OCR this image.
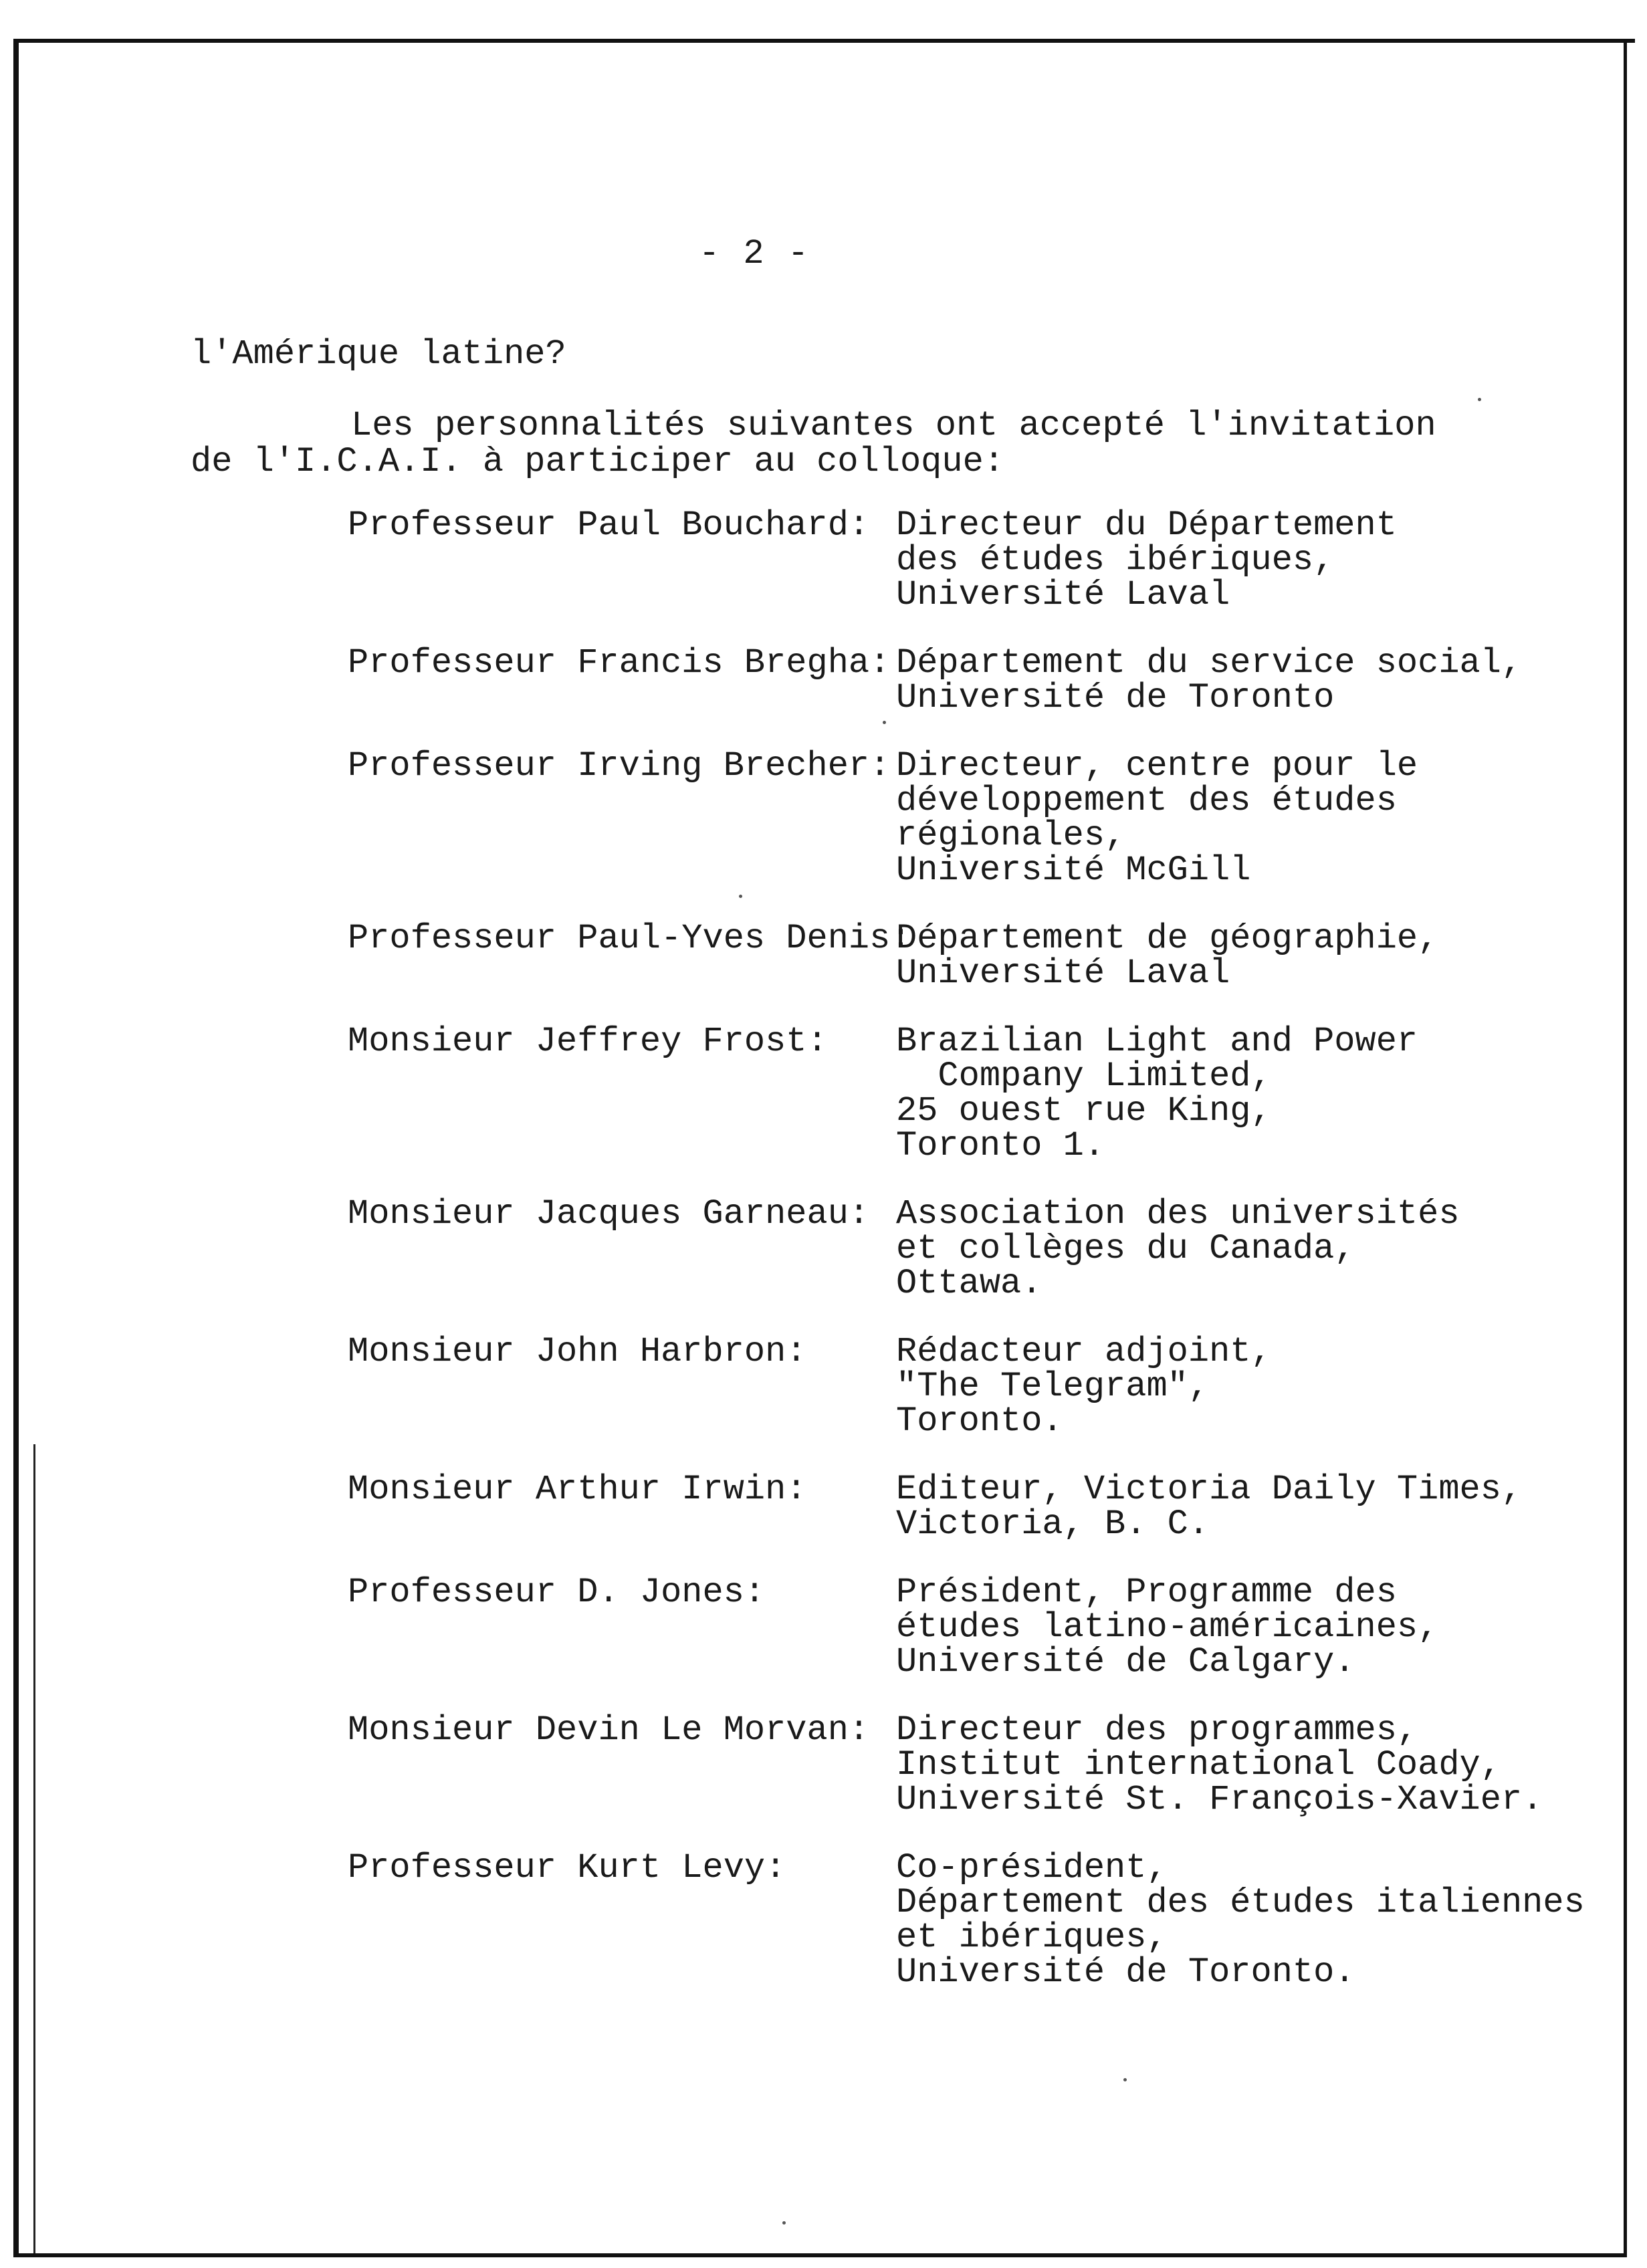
- 2 -
l'Amérique latine?
Les personnalités suivantes ont accepté l'invitation
de l'I.C.A.I. à participer au colloque:
Professeur Paul Bouchard: Directeur du Département
des études ibériques,
Université Laval
Professeur Francis Bregha: Département du service social,
Université de Toronto
Professeur Irving Brecher: Directeur, centre pour le
développement des études
régionales,
Université McGill
Professeur Paul-Yves Denis:
Département de géographie,
Université Laval
Monsieur Jeffrey Frost:	Brazilian Light and Power
Company Limited,
25 ouest rue King,
Toronto 1.
Monsieur Jacques Garneau: Association des universités
et collèges du Canada,
Ottawa.
Monsieur John Harbron:	Rédacteur adjoint,
"The Telegram",
Toronto.
Monsieur Arthur Irwin:	Editeur, Victoria Daily Times,
Victoria, B. C.
Professeur D. Jones:	Président, Programme des
études latino-américaines,
Université de Calgary.
Monsieur Devin Le Morvan: Directeur des programmes,
Institut international Coady,
Université St. François-Xavier.
Professeur Kurt Levy:	Co-président,
Département des études italiennes
et ibériques,
Université de Toronto.
